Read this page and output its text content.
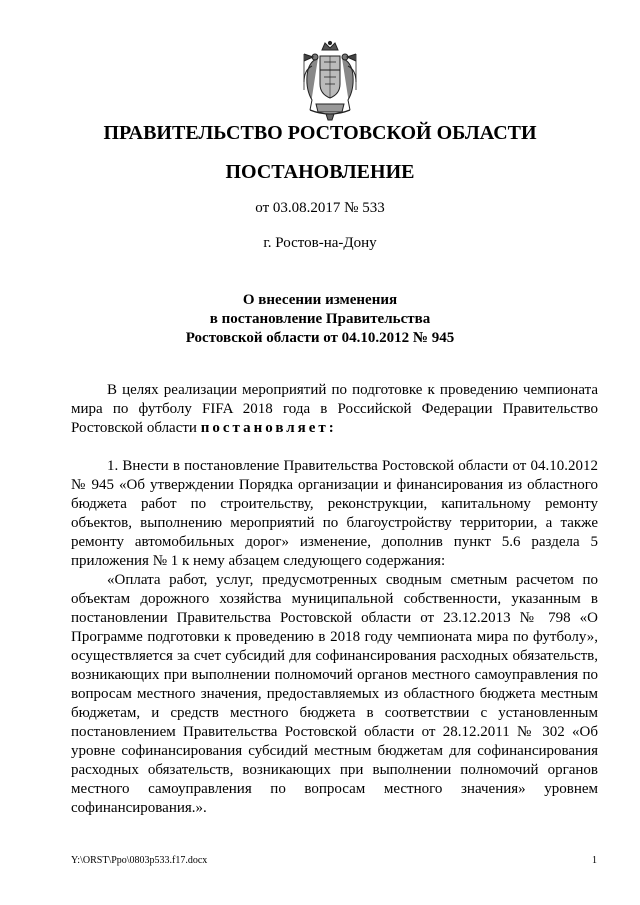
ПРАВИТЕЛЬСТВО РОСТОВСКОЙ ОБЛАСТИ
ПОСТАНОВЛЕНИЕ
от 03.08.2017 № 533
г. Ростов-на-Дону
О внесении изменения
в постановление Правительства
Ростовской области от 04.10.2012 № 945

В целях реализации мероприятий по подготовке к проведению чемпионата мира по футболу FIFA 2018 года в Российской Федерации Правительство Ростовской области постановляет:

1. Внести в постановление Правительства Ростовской области от 04.10.2012 № 945 «Об утверждении Порядка организации и финансирования из областного бюджета работ по строительству, реконструкции, капитальному ремонту объектов, выполнению мероприятий по благоустройству территории, а также ремонту автомобильных дорог» изменение, дополнив пункт 5.6 раздела 5 приложения № 1 к нему абзацем следующего содержания:

«Оплата работ, услуг, предусмотренных сводным сметным расчетом по объектам дорожного хозяйства муниципальной собственности, указанным в постановлении Правительства Ростовской области от 23.12.2013 № 798 «О Программе подготовки к проведению в 2018 году чемпионата мира по футболу», осуществляется за счет субсидий для софинансирования расходных обязательств, возникающих при выполнении полномочий органов местного самоуправления по вопросам местного значения, предоставляемых из областного бюджета местным бюджетам, и средств местного бюджета в соответствии с установленным постановлением Правительства Ростовской области от 28.12.2011 № 302 «Об уровне софинансирования субсидий местным бюджетам для софинансирования расходных обязательств, возникающих при выполнении полномочий органов местного самоуправления по вопросам местного значения» уровнем софинансирования.».

Y:\ORST\Ppo\0803p533.f17.docx	1
